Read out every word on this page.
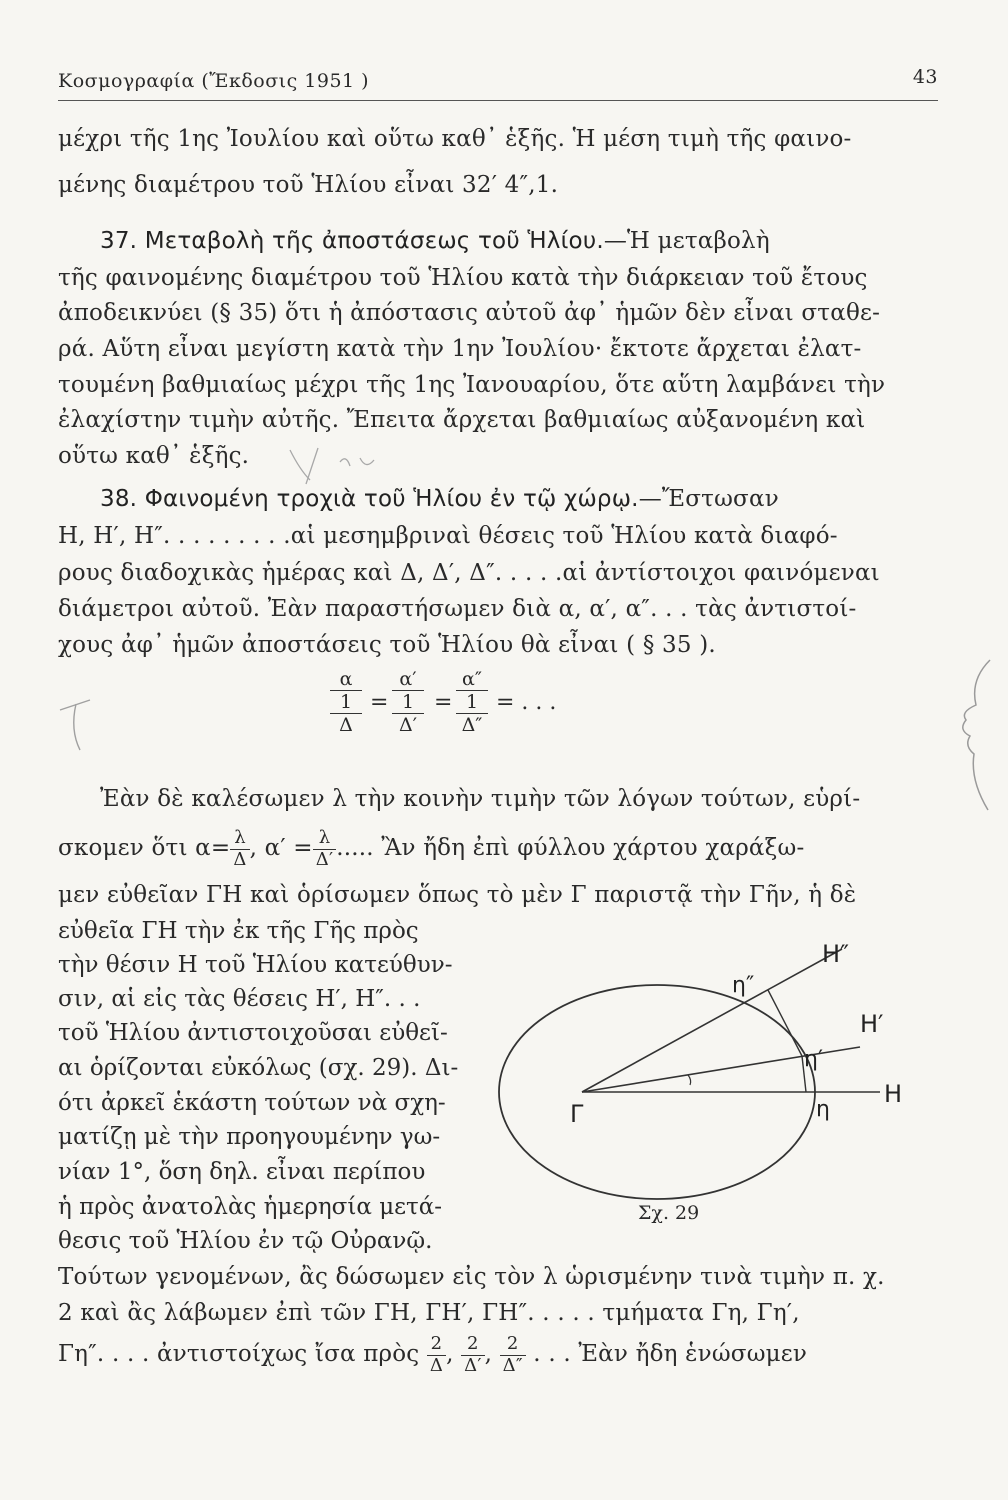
Κοσμογραφία (Ἔκδοσις 1951 )	43
μέχρι τῆς 1ης Ἰουλίου καὶ οὕτω καθ᾽ ἑξῆς. Ἡ μέση τιμὴ τῆς φαινο-
μένης διαμέτρου τοῦ Ἡλίου εἶναι 32′ 4″,1.
37. Μεταβολὴ τῆς ἀποστάσεως τοῦ Ἡλίου.—Ἡ μεταβολὴ
τῆς φαινομένης διαμέτρου τοῦ Ἡλίου κατὰ τὴν διάρκειαν τοῦ ἔτους
ἀποδεικνύει (§ 35) ὅτι ἡ ἀπόστασις αὐτοῦ ἀφ᾽ ἡμῶν δὲν εἶναι σταθε-
ρά. Αὕτη εἶναι μεγίστη κατὰ τὴν 1ην Ἰουλίου· ἔκτοτε ἄρχεται ἐλατ-
τουμένη βαθμιαίως μέχρι τῆς 1ης Ἰανουαρίου, ὅτε αὕτη λαμβάνει τὴν
ἐλαχίστην τιμὴν αὐτῆς. Ἔπειτα ἄρχεται βαθμιαίως αὐξανομένη καὶ
οὕτω καθ᾽ ἑξῆς.
38. Φαινομένη τροχιὰ τοῦ Ἡλίου ἐν τῷ χώρῳ.—Ἔστωσαν
Η, Η′, Η″. . . . . . . . .αἱ μεσημβριναὶ θέσεις τοῦ Ἡλίου κατὰ διαφό-
ρους διαδοχικὰς ἡμέρας καὶ Δ, Δ′, Δ″. . . . .αἱ ἀντίστοιχοι φαινόμεναι
διάμετροι αὐτοῦ. Ἐὰν παραστήσωμεν διὰ α, α′, α″. . . τὰς ἀντιστοί-
χους ἀφ᾽ ἡμῶν ἀποστάσεις τοῦ Ἡλίου θὰ εἶναι ( § 35 ).
α
1
Δ
=
α′
1
Δ′
=
α″
1
Δ″
= . . .
Ἐὰν δὲ καλέσωμεν λ τὴν κοινὴν τιμὴν τῶν λόγων τούτων, εὑρί-
σκομεν ὅτι $\alpha= \frac{\lambda}{\Delta}$ , $\alpha' = \frac{\lambda}{\Delta'}$ ..... Ἂν ἤδη ἐπὶ φύλλου χάρτου χαράξω-
μεν εὐθεῖαν ΓΗ καὶ ὁρίσωμεν ὅπως τὸ μὲν Γ παριστᾷ τὴν Γῆν, ἡ δὲ
εὐθεῖα ΓΗ τὴν ἐκ τῆς Γῆς πρὸς
τὴν θέσιν Η τοῦ Ἡλίου κατεύθυν-
σιν, αἱ εἰς τὰς θέσεις Η′, Η″. . .
τοῦ Ἡλίου ἀντιστοιχοῦσαι εὐθεῖ-
αι ὁρίζονται εὐκόλως (σχ. 29). Δι-
ότι ἀρκεῖ ἑκάστη τούτων νὰ σχη-
ματίζῃ μὲ τὴν προηγουμένην γω-
νίαν 1°, ὅση δηλ. εἶναι περίπου
ἡ πρὸς ἀνατολὰς ἡμερησία μετά-
θεσις τοῦ Ἡλίου ἐν τῷ Οὐρανῷ.
H
H′
H″
η
η′
η″
Γ
Σχ. 29
Τούτων γενομένων, ἂς δώσωμεν εἰς τὸν λ ὡρισμένην τινὰ τιμὴν π. χ.
2 καὶ ἂς λάβωμεν ἐπὶ τῶν ΓΗ, ΓΗ′, ΓΗ″. . . . . τμήματα Γη, Γη′,
Γη″. . . . ἀντιστοίχως ἴσα πρὸς $\frac{2}{\Delta}$ , $\frac{2}{\Delta'}$ , $\frac{2}{\Delta''}$ . . . Ἐὰν ἤδη ἑνώσωμεν
